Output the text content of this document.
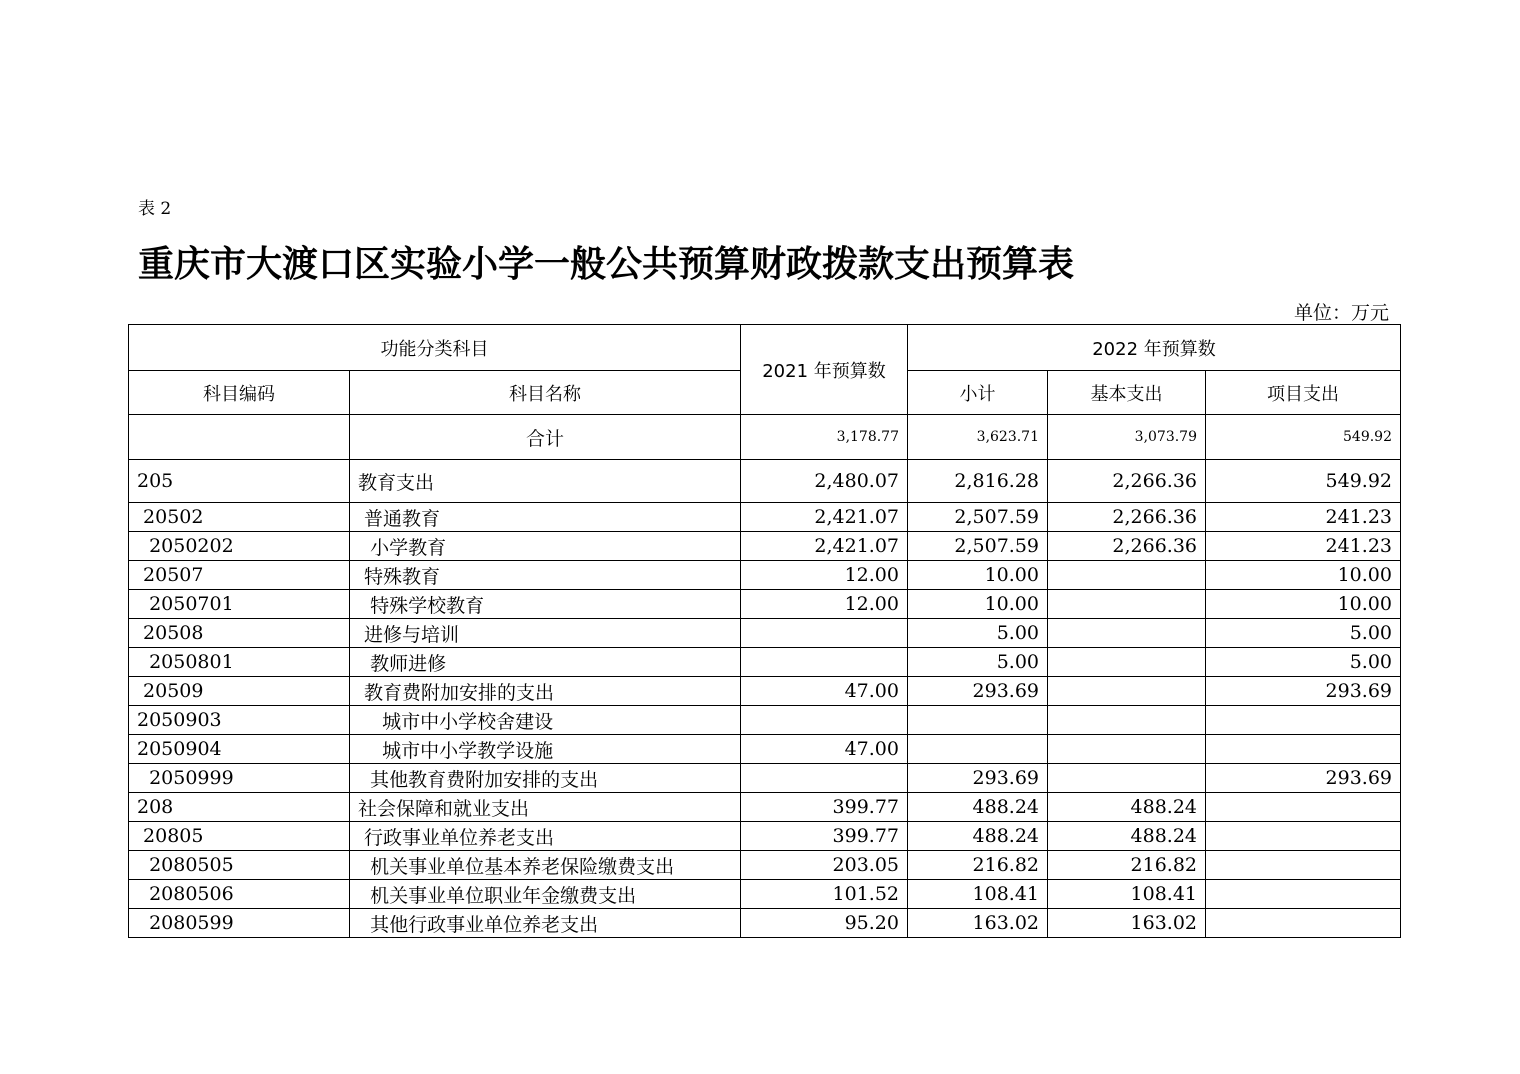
表 2
重庆市大渡口区实验小学一般公共预算财政拨款支出预算表
单位：万元
功能分类科目		2021 年预算数	2022 年预算数		
科目编码	科目名称		小计	基本支出	项目支出
	合计	3,178.77	3,623.71	3,073.79	549.92
205	教育支出	2,480.07	2,816.28	2,266.36	549.92
20502	普通教育	2,421.07	2,507.59	2,266.36	241.23
2050202	小学教育	2,421.07	2,507.59	2,266.36	241.23
20507	特殊教育	12.00	10.00		10.00
2050701	特殊学校教育	12.00	10.00		10.00
20508	进修与培训		5.00		5.00
2050801	教师进修		5.00		5.00
20509	教育费附加安排的支出	47.00	293.69		293.69
2050903	城市中小学校舍建设				
2050904	城市中小学教学设施	47.00			
2050999	其他教育费附加安排的支出		293.69		293.69
208	社会保障和就业支出	399.77	488.24	488.24	
20805	行政事业单位养老支出	399.77	488.24	488.24	
2080505	机关事业单位基本养老保险缴费支出	203.05	216.82	216.82	
2080506	机关事业单位职业年金缴费支出	101.52	108.41	108.41	
2080599	其他行政事业单位养老支出	95.20	163.02	163.02	
